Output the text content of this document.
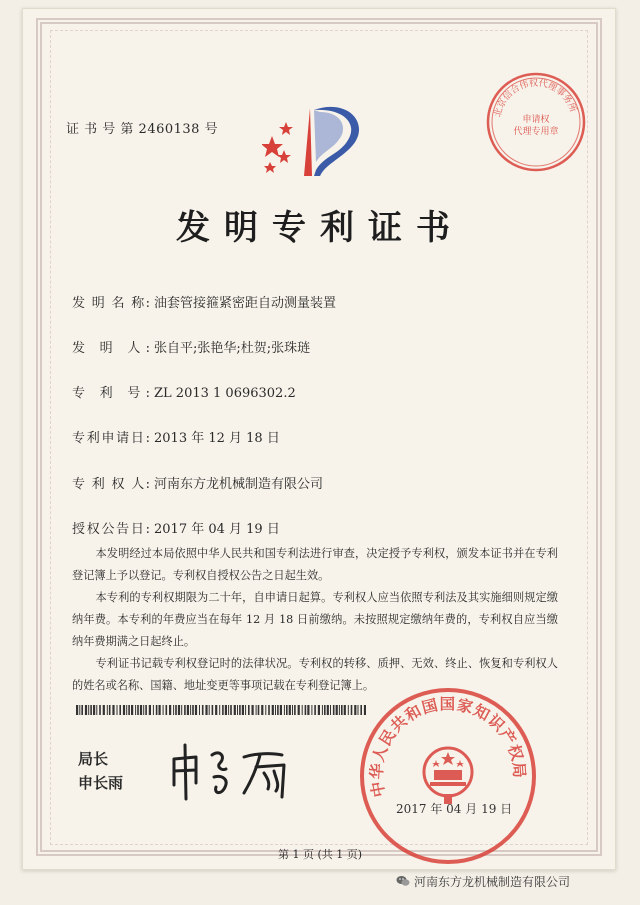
北京信合伟权代理事务所
申请权
代理专用章
证 书 号 第 2460138 号
发明专利证书
发 明 名 称: 油套管接箍紧密距自动测量装置
发 明 人: 张自平;张艳华;杜贺;张珠琏
专 利 号: ZL 2013 1 0696302.2
专利申请日: 2013 年 12 月 18 日
专 利 权 人: 河南东方龙机械制造有限公司
授权公告日: 2017 年 04 月 19 日

本发明经过本局依照中华人民共和国专利法进行审查，决定授予专利权，颁发本证书并在专利登记簿上予以登记。专利权自授权公告之日起生效。

本专利的专利权期限为二十年，自申请日起算。专利权人应当依照专利法及其实施细则规定缴纳年费。本专利的年费应当在每年 12 月 18 日前缴纳。未按照规定缴纳年费的，专利权自应当缴纳年费期满之日起终止。

专利证书记载专利权登记时的法律状况。专利权的转移、质押、无效、终止、恢复和专利权人的姓名或名称、国籍、地址变更等事项记载在专利登记簿上。

局长
申长雨	中华人民共和国国家知识产权局
2017 年 04 月 19 日
第 1 页 (共 1 页)
河南东方龙机械制造有限公司
